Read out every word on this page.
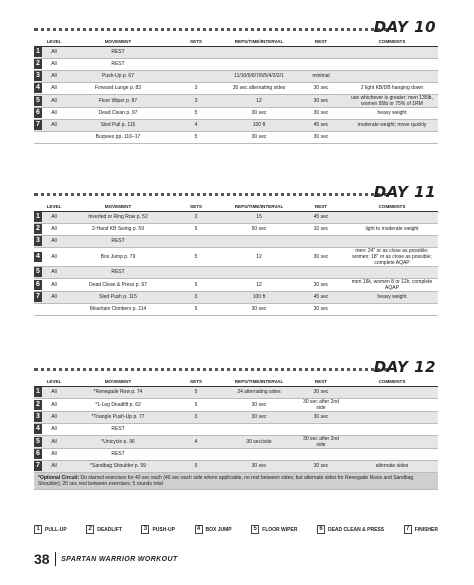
DAY 10
	LEVEL	MOVEMENT	SETS	REPS/TIME/INTERVAL	REST	COMMENTS
1	All	REST				
2	All	REST				
3	All	Push-Up p. 67		11/10/9/8/7/6/5/4/3/2/1	minimal	
4	All	Forward Lunge p. 83	3	30 sec alternating sides	30 sec	2 light KB/DB hanging down
5	All	Floor Wiper p. 87	3	12	30 sec	use whichever is greater: men 135lb, women 95lb or 75% of 1RM
6	All	Dead Clean p. 97	5	30 sec	30 sec	heavy weight
7	All	Sled Pull p. 115	4	100 ft	45 sec	moderate weight; move quickly
		Burpees pp. 116–17	5	30 sec	30 sec	
DAY 11
	LEVEL	MOVEMENT	SETS	REPS/TIME/INTERVAL	REST	COMMENTS
1	All	Inverted or Ring Row p. 52	2	15	45 sec	
2	All	2-Hand KB Swing p. 59	5	50 sec	10 sec	light to moderate weight
3	All	REST				
4	All	Box Jump p. 79	5	12	30 sec	men: 24" or as close as possible; women: 18" or as close as possible; complete AQAP
5	All	REST				
6	All	Dead Clean & Press p. 97	5	12	30 sec	men 16k, women 8 or 12k; complete AQAP
7	All	Sled Push p. 115	3	100 ft	45 sec	heavy weight
		Mountain Climbers p. 114	5	30 sec	30 sec	
DAY 12
	LEVEL	MOVEMENT	SETS	REPS/TIME/INTERVAL	REST	COMMENTS
1	All	*Renegade Row p. 74	5	24 alternating sides	30 sec	
2	All	*1-Leg Deadlift p. 62	5	30 sec	30 sec after 2nd side	
3	All	*Triangle Push-Up p. 77	3	30 sec	30 sec	
4	All	REST				
5	All	*Unicycle p. 96	4	30 sec/side	30 sec after 2nd side	
6	All	REST				
7	All	*Sandbag Shoulder p. 99	5	30 sec	30 sec	alternate sides
*Optional Circuit: Do starred exercises for 40 sec each (40 sec each side where applicable, no rest between sides; but alternate sides for Renegade Rows and Sandbag Shoulder); 20 sec rest between exercises; 5 rounds total						
1	PULL-UP	2	DEADLIFT	3	PUSH-UP	4	BOX JUMP	5	FLOOR WIPER	6	DEAD CLEAN & PRESS	7	FINISHER
38 SPARTAN WARRIOR WORKOUT
